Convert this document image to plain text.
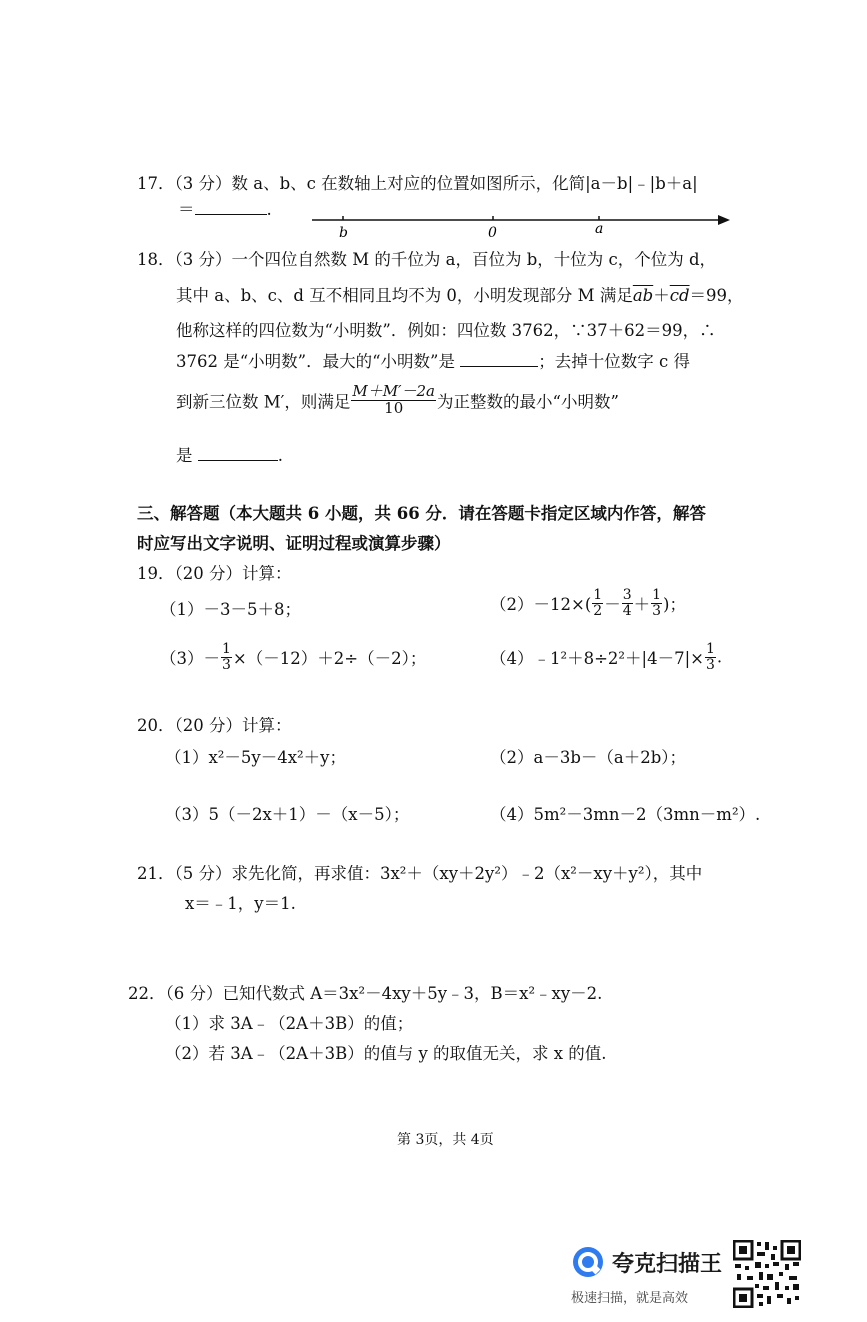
17．（3 分）数 a、b、c 在数轴上对应的位置如图所示，化简|a－b|﹣|b＋a|
＝	.
b	0	a
18．（3 分）一个四位自然数 M 的千位为 a，百位为 b，十位为 c，个位为 d，
其中 a、b、c、d 互不相同且均不为 0，小明发现部分 M 满足$\overline{ab}+\overline{cd}=99$，
他称这样的四位数为“小明数”．例如：四位数 3762，∵37＋62＝99，∴
3762 是“小明数”．最大的“小明数”是	；去掉十位数字 c 得
到新三位数 M′，则满足 $\frac{M+M'-2a}{10}$ 为正整数的最小“小明数”
是	.
三、解答题（本大题共 6 小题，共 66 分．请在答题卡指定区域内作答，解答
时应写出文字说明、证明过程或演算步骤）
19．（20 分）计算：
（1）－3－5＋8；	$(2)-12\times( \frac{1}{2} - \frac{3}{4} + \frac{1}{3}$ )；
$(3)- \frac{1}{3} \times(-12)+2\div(-2)$；	（4）﹣1²＋8÷2²＋|4－7|× $\frac{1}{3}$ .
20．（20 分）计算：
（1）x²－5y－4x²＋y；	（2）a－3b－（a＋2b）；
（3）5（－2x＋1）－（x－5）；	（4）5m²－3mn－2（3mn－m²）.
21．（5 分）求先化简，再求值：3x²＋（xy＋2y²）﹣2（x²－xy＋y²），其中
x＝﹣1，y＝1.
22．（6 分）已知代数式 A＝3x²－4xy＋5y﹣3，B＝x²﹣xy－2.
（1）求 3A﹣（2A＋3B）的值；
（2）若 3A﹣（2A＋3B）的值与 y 的取值无关，求 x 的值.
第 3页，共 4页
夸克扫描王
极速扫描，就是高效
